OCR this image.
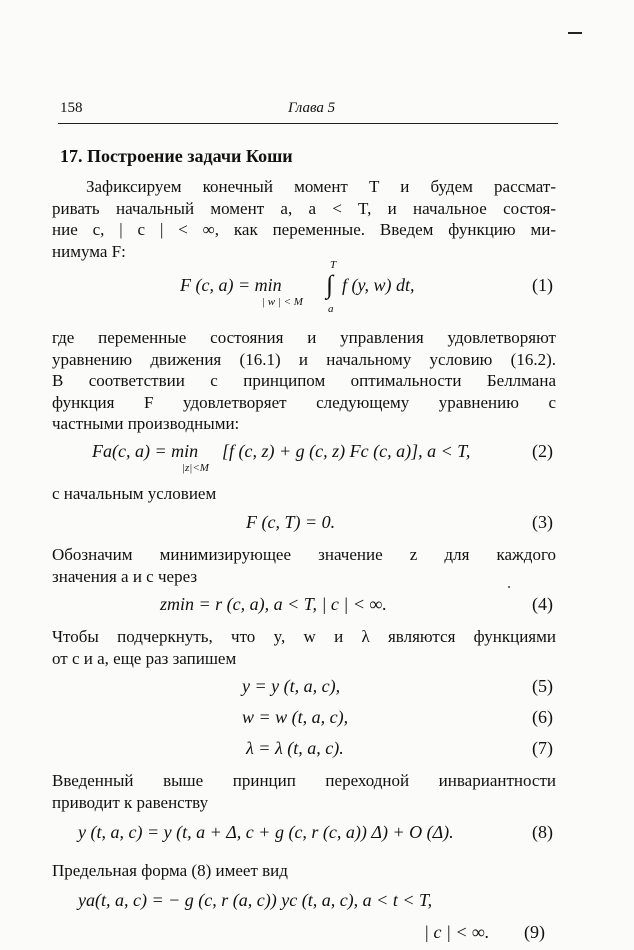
158	Глава 5
17. Построение задачи Коши
Зафиксируем конечный момент T и будем рассмат-
ривать начальный момент a, a < T, и начальное состоя-
ние c, | c | < ∞, как переменные. Введем функцию ми-
нимума F:
F (c, a) = min
| w | < M
T
∫
a
f (y, w) dt,	(1)
где переменные состояния и управления удовлетворяют
уравнению движения (16.1) и начальному условию (16.2).
В соответствии с принципом оптимальности Беллмана
функция F удовлетворяет следующему уравнению с
частными производными:
Fa(c, a) = min
|z|<M
[f (c, z) + g (c, z) Fc (c, a)], a < T,	(2)
с начальным условием
F (c, T) = 0.	(3)
Обозначим минимизирующее значение z для каждого
значения a и c через
zmin = r (c, a), a < T, | c | < ∞.	(4)
Чтобы подчеркнуть, что y, w и λ являются функциями
от c и a, еще раз запишем
y = y (t, a, c),	(5)
w = w (t, a, c),	(6)
λ = λ (t, a, c).	(7)
Введенный выше принцип переходной инвариантности
приводит к равенству
y (t, a, c) = y (t, a + Δ, c + g (c, r (c, a)) Δ) + O (Δ).	(8)
Предельная форма (8) имеет вид
ya(t, a, c) = − g (c, r (a, c)) yc (t, a, c), a < t < T,
| c | < ∞. (9)
